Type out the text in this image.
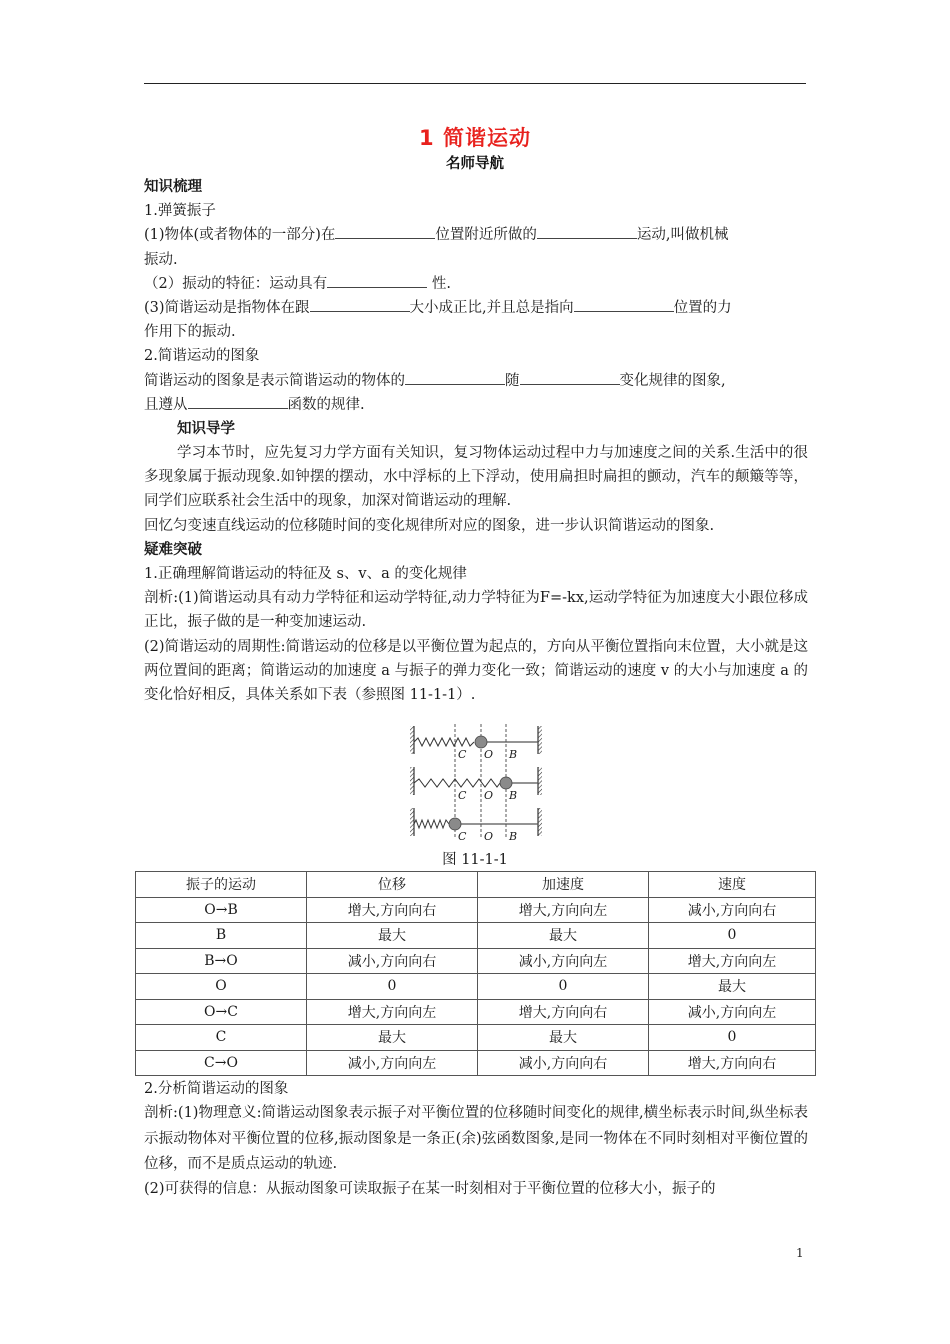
1 简谐运动
名师导航
知识梳理
1.弹簧振子
(1)物体(或者物体的一部分)在	位置附近所做的	运动,叫做机械
振动.
（2）振动的特征：运动具有	性.
(3)简谐运动是指物体在跟	大小成正比,并且总是指向	位置的力
作用下的振动.
2.简谐运动的图象
简谐运动的图象是表示简谐运动的物体的	随	变化规律的图象,
且遵从	函数的规律.
知识导学
学习本节时，应先复习力学方面有关知识，复习物体运动过程中力与加速度之间的关系.生活中的很多现象属于振动现象.如钟摆的摆动，水中浮标的上下浮动，使用扁担时扁担的颤动，汽车的颠簸等等，同学们应联系社会生活中的现象，加深对简谐运动的理解.
回忆匀变速直线运动的位移随时间的变化规律所对应的图象，进一步认识简谐运动的图象.
疑难突破
1.正确理解简谐运动的特征及 s、v、a 的变化规律
剖析:(1)简谐运动具有动力学特征和运动学特征,动力学特征为F=-kx,运动学特征为加速度大小跟位移成正比，振子做的是一种变加速运动.
(2)简谐运动的周期性:简谐运动的位移是以平衡位置为起点的，方向从平衡位置指向末位置，大小就是这两位置间的距离；简谐运动的加速度 a 与振子的弹力变化一致；简谐运动的速度 v 的大小与加速度 a 的变化恰好相反，具体关系如下表（参照图 11-1-1）.
C O B
C O B
C O B
图 11-1-1
振子的运动	位移	加速度	速度
O→B	增大,方向向右	增大,方向向左	减小,方向向右
B	最大	最大	0
B→O	减小,方向向右	减小,方向向左	增大,方向向左
O	0	0	最大
O→C	增大,方向向左	增大,方向向右	减小,方向向左
C	最大	最大	0
C→O	减小,方向向左	减小,方向向右	增大,方向向右
2.分析简谐运动的图象
剖析:(1)物理意义:简谐运动图象表示振子对平衡位置的位移随时间变化的规律,横坐标表示时间,纵坐标表示振动物体对平衡位置的位移,振动图象是一条正(余)弦函数图象,是同一物体在不同时刻相对平衡位置的位移，而不是质点运动的轨迹.
(2)可获得的信息：从振动图象可读取振子在某一时刻相对于平衡位置的位移大小，振子的
1
